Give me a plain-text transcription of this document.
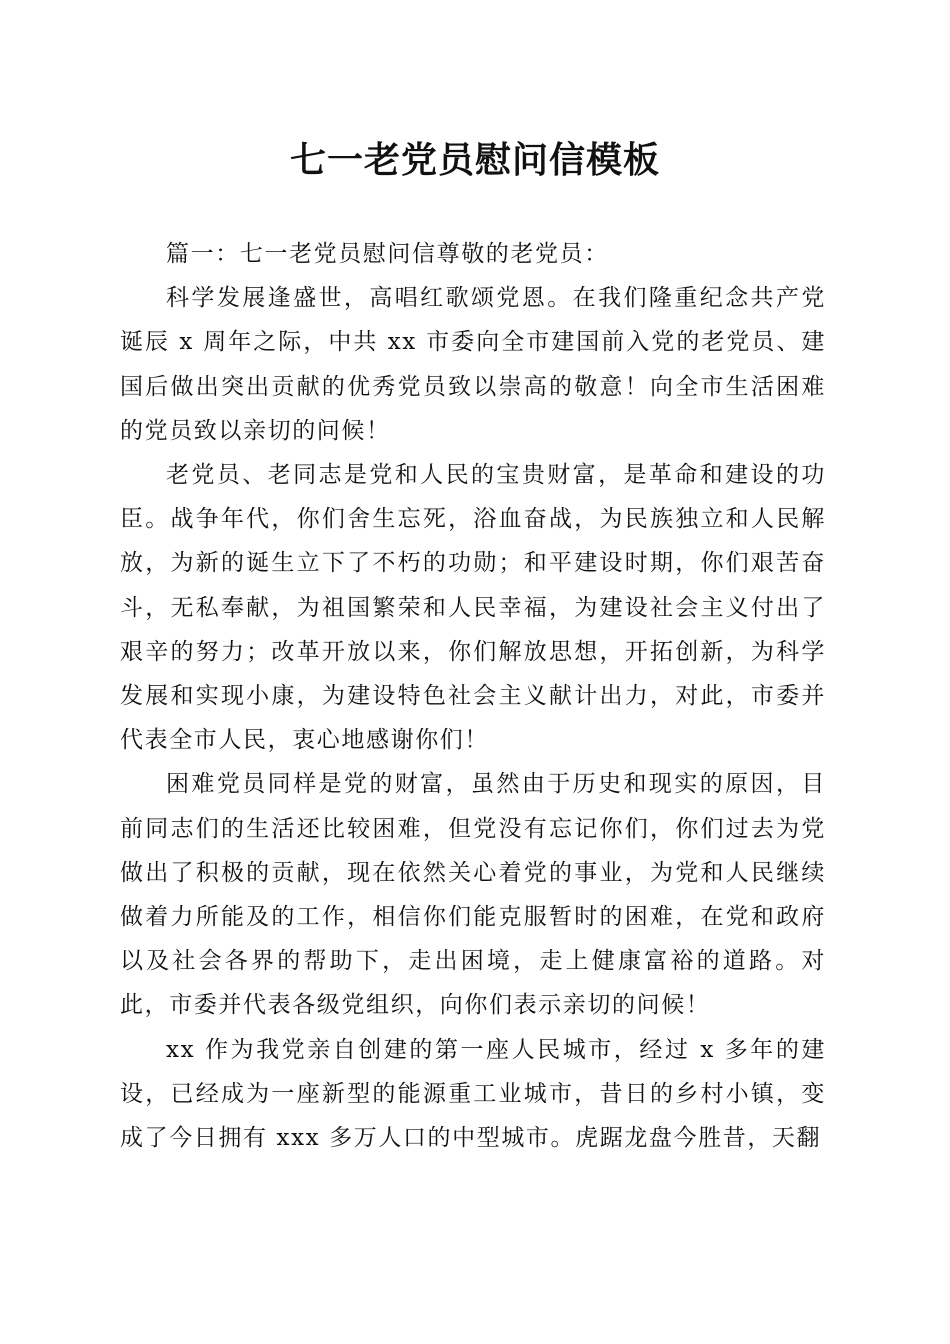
七一老党员慰问信模板

篇一：七一老党员慰问信尊敬的老党员：

科学发展逢盛世，高唱红歌颂党恩。在我们隆重纪念共产党诞辰 x 周年之际，中共 xx 市委向全市建国前入党的老党员、建国后做出突出贡献的优秀党员致以崇高的敬意！向全市生活困难的党员致以亲切的问候！

老党员、老同志是党和人民的宝贵财富，是革命和建设的功臣。战争年代，你们舍生忘死，浴血奋战，为民族独立和人民解放，为新的诞生立下了不朽的功勋；和平建设时期，你们艰苦奋斗，无私奉献，为祖国繁荣和人民幸福，为建设社会主义付出了艰辛的努力；改革开放以来，你们解放思想，开拓创新，为科学发展和实现小康，为建设特色社会主义献计出力，对此，市委并代表全市人民，衷心地感谢你们！

困难党员同样是党的财富，虽然由于历史和现实的原因，目前同志们的生活还比较困难，但党没有忘记你们，你们过去为党做出了积极的贡献，现在依然关心着党的事业，为党和人民继续做着力所能及的工作，相信你们能克服暂时的困难，在党和政府以及社会各界的帮助下，走出困境，走上健康富裕的道路。对此，市委并代表各级党组织，向你们表示亲切的问候！

xx 作为我党亲自创建的第一座人民城市，经过 x 多年的建设，已经成为一座新型的能源重工业城市，昔日的乡村小镇，变成了今日拥有 xxx 多万人口的中型城市。虎踞龙盘今胜昔，天翻
